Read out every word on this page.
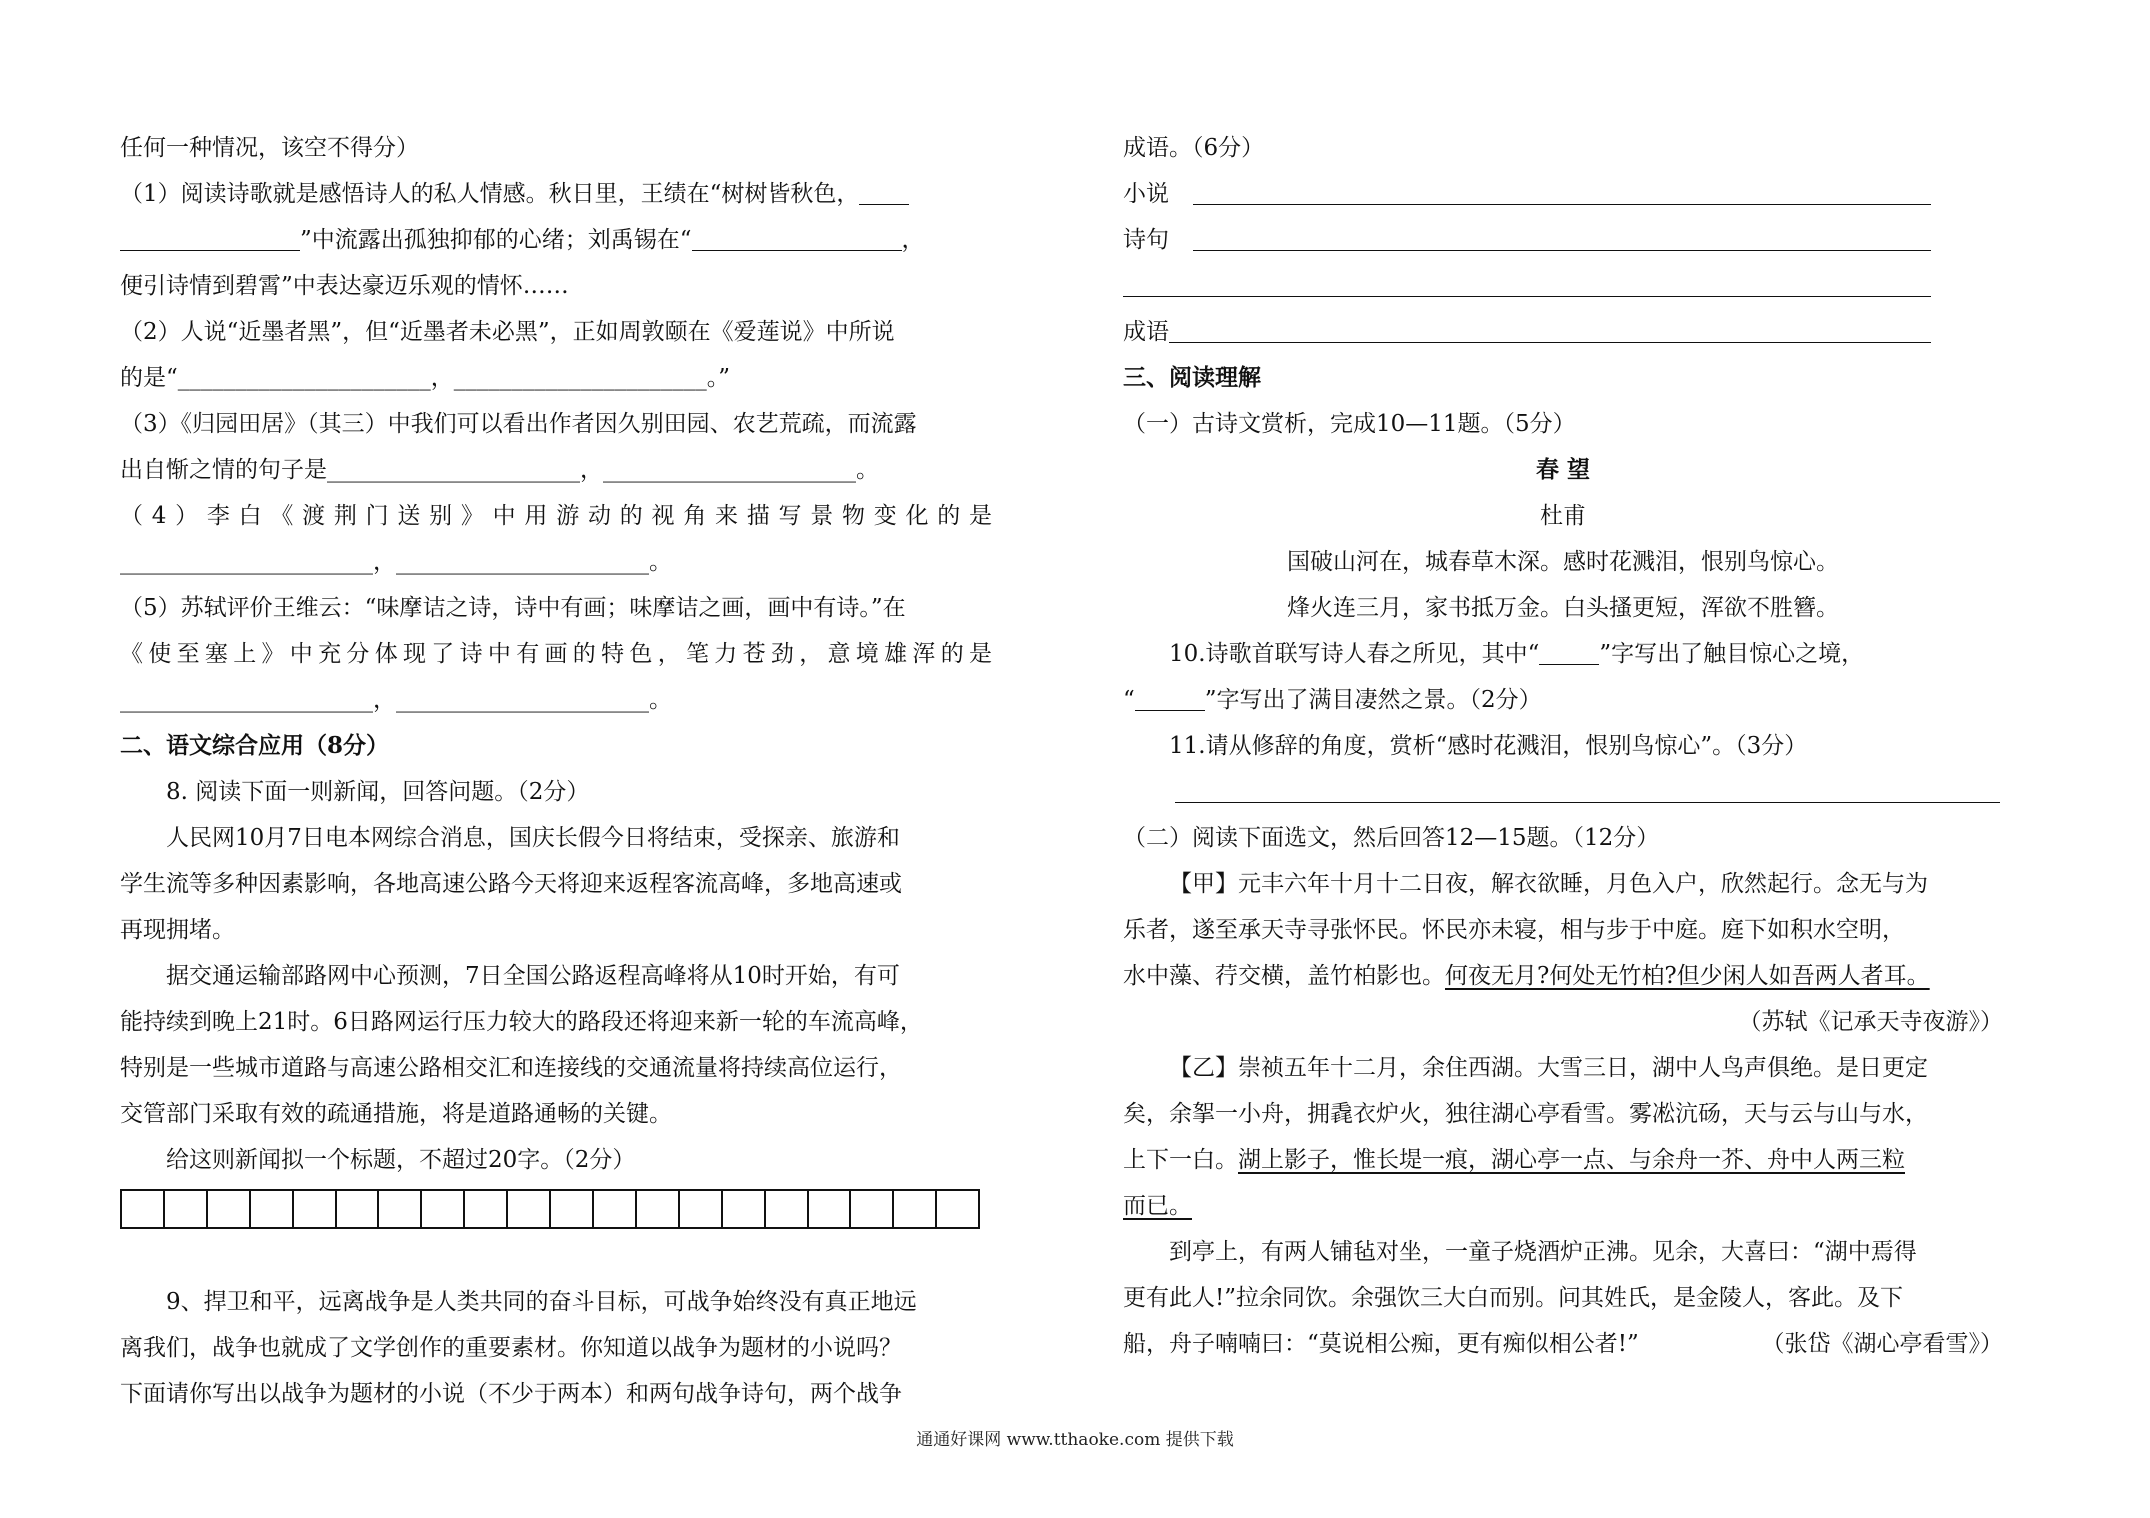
任何一种情况，该空不得分）
（1）阅读诗歌就是感悟诗人的私人情感。秋日里，王绩在“树树皆秋色，
”中流露出孤独抑郁的心绪；刘禹锡在“	，
便引诗情到碧霄”中表达豪迈乐观的情怀……
（2）人说“近墨者黑”，但“近墨者未必黑”，正如周敦颐在《爱莲说》中所说
的是“______________________，______________________。”
（3）《归园田居》（其三）中我们可以看出作者因久别田园、农艺荒疏，而流露
出自惭之情的句子是______________________，______________________。
（4）李白《渡荆门送别》中用游动的视角来描写景物变化的是
______________________，______________________。
（5）苏轼评价王维云：“味摩诘之诗，诗中有画；味摩诘之画，画中有诗。”在
《使至塞上》中充分体现了诗中有画的特色，笔力苍劲，意境雄浑的是
______________________，______________________。
二、语文综合应用（8分）
8. 阅读下面一则新闻，回答问题。（2分）
人民网10月7日电本网综合消息，国庆长假今日将结束，受探亲、旅游和
学生流等多种因素影响，各地高速公路今天将迎来返程客流高峰，多地高速或
再现拥堵。
据交通运输部路网中心预测，7日全国公路返程高峰将从10时开始，有可
能持续到晚上21时。6日路网运行压力较大的路段还将迎来新一轮的车流高峰，
特别是一些城市道路与高速公路相交汇和连接线的交通流量将持续高位运行，
交管部门采取有效的疏通措施，将是道路通畅的关键。
给这则新闻拟一个标题，不超过20字。（2分）
9、捍卫和平，远离战争是人类共同的奋斗目标，可战争始终没有真正地远
离我们，战争也就成了文学创作的重要素材。你知道以战争为题材的小说吗？
下面请你写出以战争为题材的小说（不少于两本）和两句战争诗句，两个战争
成语。（6分）
小说
诗句
成语
三、阅读理解
（一）古诗文赏析，完成10—11题。（5分）
春 望
杜甫
国破山河在，城春草木深。感时花溅泪，恨别鸟惊心。
烽火连三月，家书抵万金。白头搔更短，浑欲不胜簪。
10.诗歌首联写诗人春之所见，其中“	”字写出了触目惊心之境，
“	”字写出了满目凄然之景。（2分）
11.请从修辞的角度，赏析“感时花溅泪，恨别鸟惊心”。（3分）
（二）阅读下面选文，然后回答12—15题。（12分）
【甲】元丰六年十月十二日夜，解衣欲睡，月色入户，欣然起行。念无与为
乐者，遂至承天寺寻张怀民。怀民亦未寝，相与步于中庭。庭下如积水空明，
水中藻、荇交横，盖竹柏影也。何夜无月?何处无竹柏?但少闲人如吾两人者耳。
（苏轼《记承天寺夜游》）
【乙】崇祯五年十二月，余住西湖。大雪三日，湖中人鸟声俱绝。是日更定
矣，余挐一小舟，拥毳衣炉火，独往湖心亭看雪。雾凇沆砀，天与云与山与水，
上下一白。湖上影子，惟长堤一痕，湖心亭一点、与余舟一芥、舟中人两三粒
而已。
到亭上，有两人铺毡对坐，一童子烧酒炉正沸。见余，大喜曰：“湖中焉得
更有此人!”拉余同饮。余强饮三大白而别。问其姓氏，是金陵人，客此。及下
船，舟子喃喃曰：“莫说相公痴，更有痴似相公者!”	（张岱《湖心亭看雪》）
通通好课网 www.tthaoke.com 提供下载
